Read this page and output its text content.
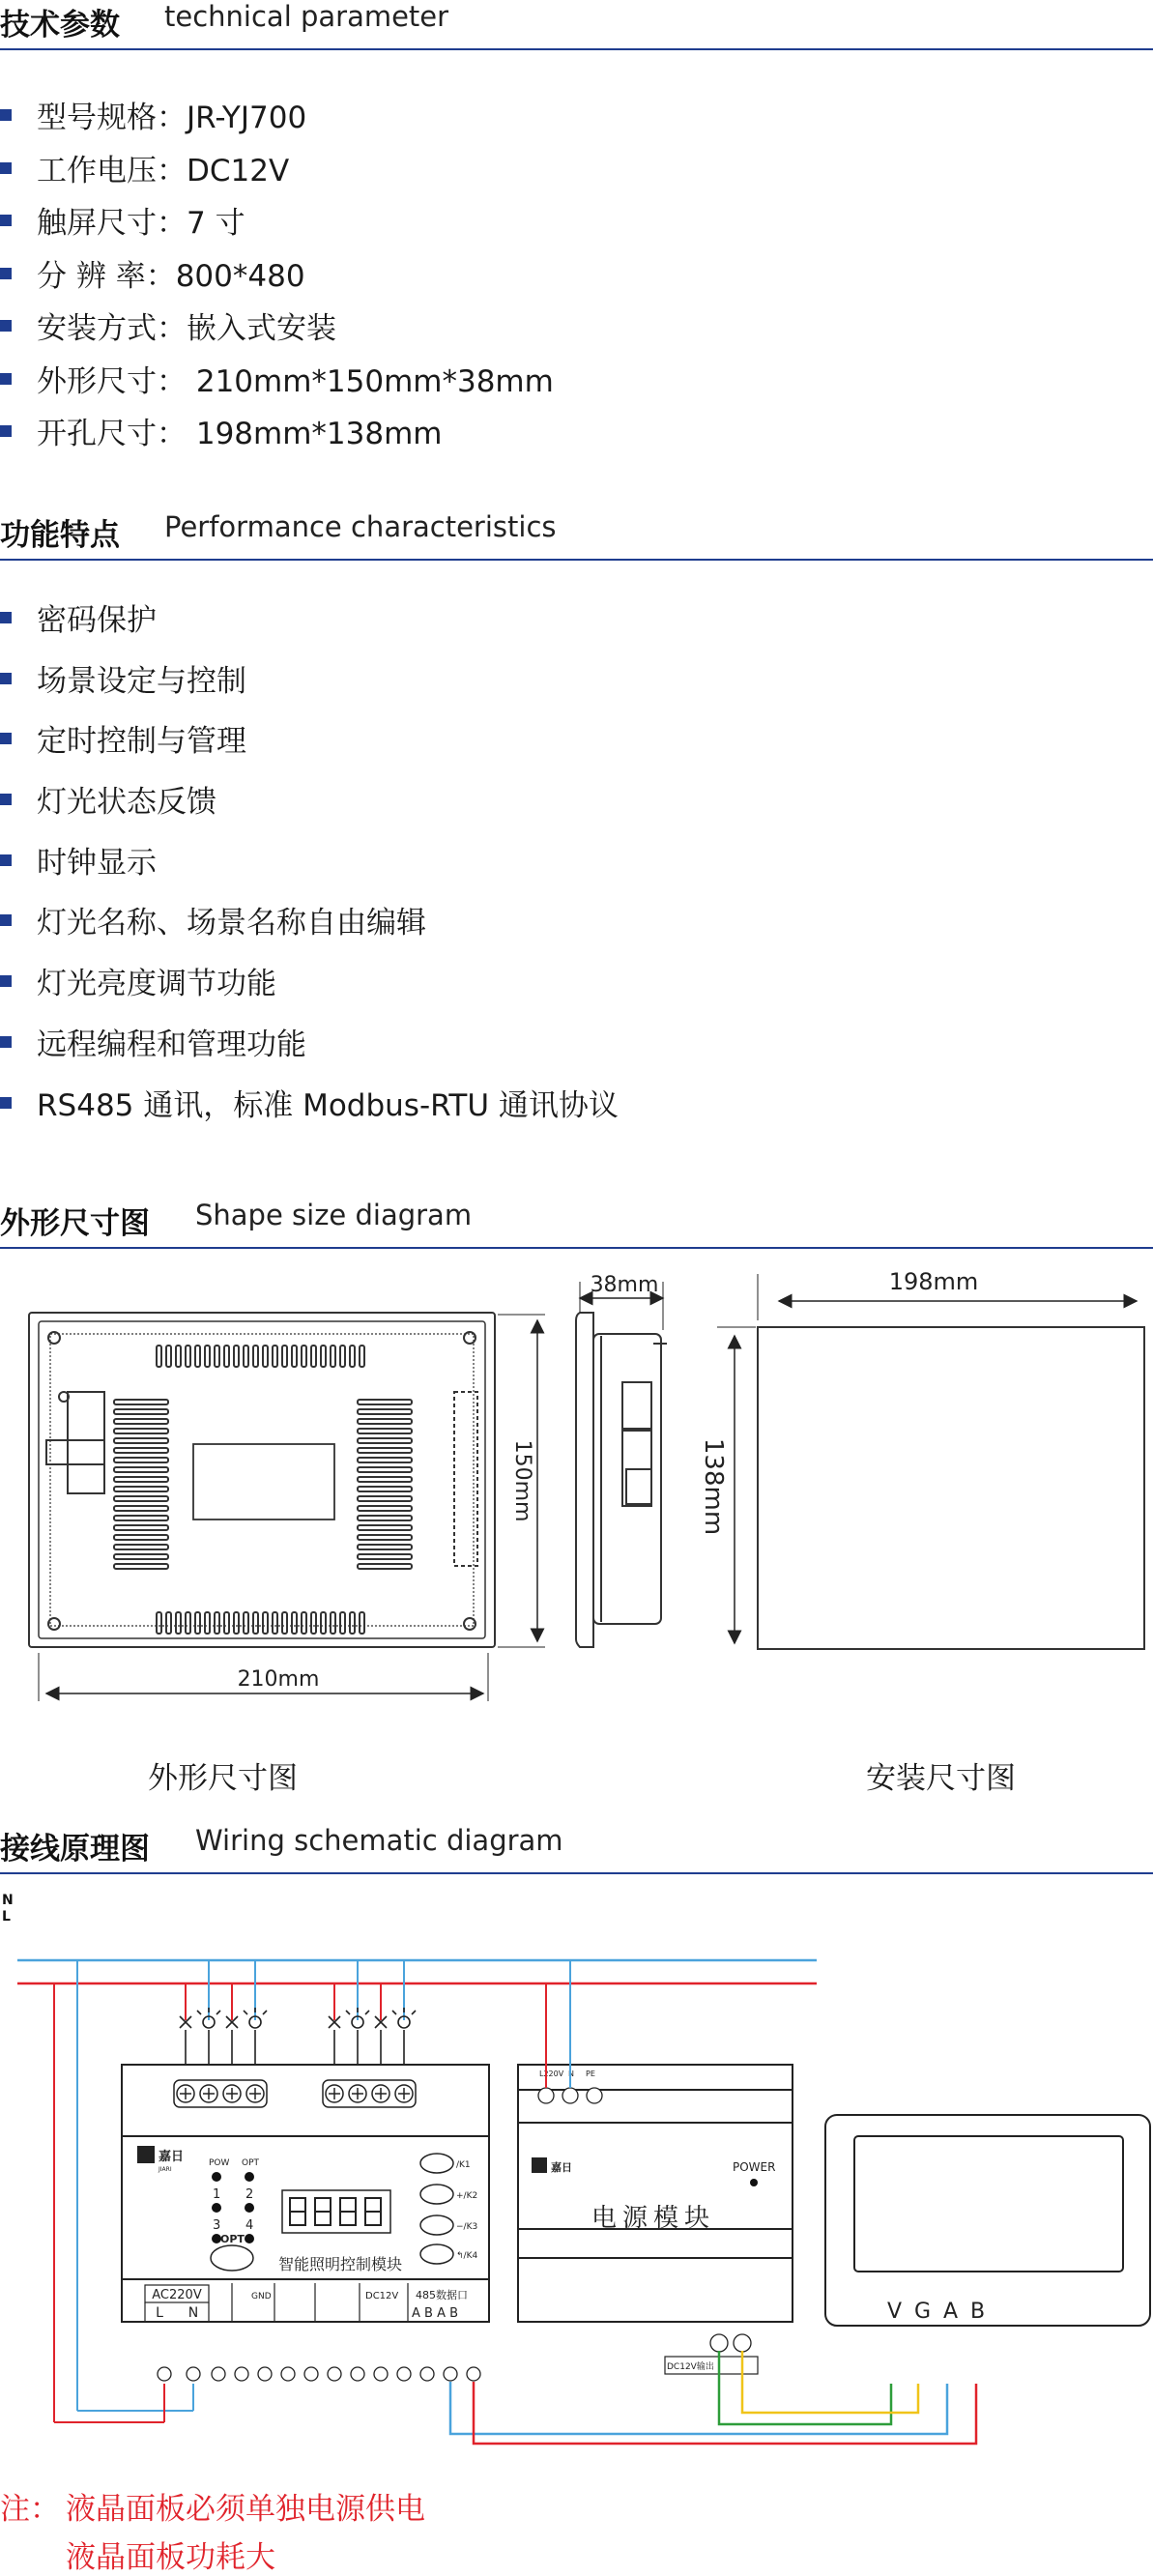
技术参数 technical parameter
型号规格：JR-YJ700
工作电压：DC12V
触屏尺寸：7 寸
分 辨 率：800*480
安装方式：嵌入式安装
外形尺寸： 210mm*150mm*38mm
开孔尺寸： 198mm*138mm
功能特点 Performance characteristics
密码保护
场景设定与控制
定时控制与管理
灯光状态反馈
时钟显示
灯光名称、场景名称自由编辑
灯光亮度调节功能
远程编程和管理功能
RS485 通讯，标准 Modbus-RTU 通讯协议
外形尺寸图 Shape size diagram
210mm
150mm
38mm	198mm
138mm
外形尺寸图	安装尺寸图
接线原理图 Wiring schematic diagram
N
L
嘉日
JIARI
POW OPT
1 2
3 4
OPT
智能照明控制模块
/K1
+/K2
−/K3
↰/K4
AC220V
L N
GND	DC12V 485数据口
A B A B
L220V N PE
嘉日	POWER
电源模块
DC12V输出
V G A B
注： 液晶面板必须单独电源供电
液晶面板功耗大
